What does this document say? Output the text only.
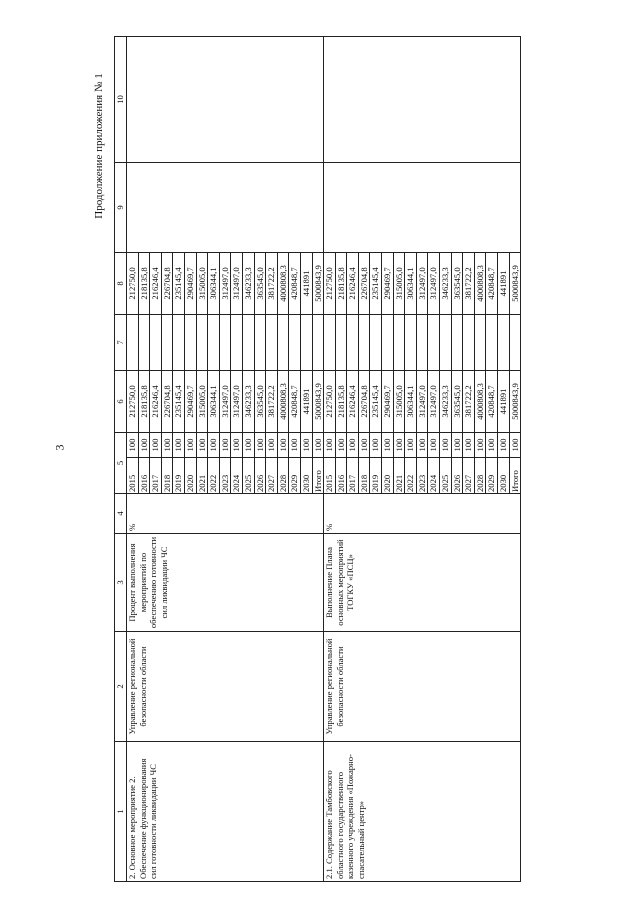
3
Продолжение приложения № 1
1	2	3	4	5		6	7	8	9	10
2. Основное мероприятие 2. Обеспечение функционирования сил готовности ликвидации ЧС	Управление региональной безопасности области	Процент выполнения мероприятий по обеспечению готовности сил ликвидации ЧС	%	2015	100	212750,0		212750,0		
				2016	100	218135,8		218135,8		
				2017	100	216246,4		216246,4		
				2018	100	226704,8		226704,8		
				2019	100	235145,4		235145,4		
				2020	100	290469,7		290469,7		
				2021	100	315005,0		315005,0		
				2022	100	306344,1		306344,1		
				2023	100	312497,0		312497,0		
				2024	100	312497,0		312497,0		
				2025	100	346233,3		346233,3		
				2026	100	363545,0		363545,0		
				2027	100	381722,2		381722,2		
				2028	100	4000808,3		4000808,3		
				2029	100	420848,7		420848,7		
				2030	100	441891		441891		
				Итого	100	5000843,9		5000843,9		
2.1. Содержание Тамбовского областного государственного казенного учреждения «Пожарно-спасательный центр»	Управление региональной безопасности области	Выполнение Плана основных мероприятий ТОГКУ «ПСЦ»	%	2015	100	212750,0		212750,0		
				2016	100	218135,8		218135,8		
				2017	100	216246,4		216246,4		
				2018	100	226704,8		226704,8		
				2019	100	235145,4		235145,4		
				2020	100	290469,7		290469,7		
				2021	100	315005,0		315005,0		
				2022	100	306344,1		306344,1		
				2023	100	312497,0		312497,0		
				2024	100	312497,0		312497,0		
				2025	100	346233,3		346233,3		
				2026	100	363545,0		363545,0		
				2027	100	381722,2		381722,2		
				2028	100	4000808,3		4000808,3		
				2029	100	420848,7		420848,7		
				2030	100	441891		441891		
				Итого	100	5000843,9		5000843,9		
